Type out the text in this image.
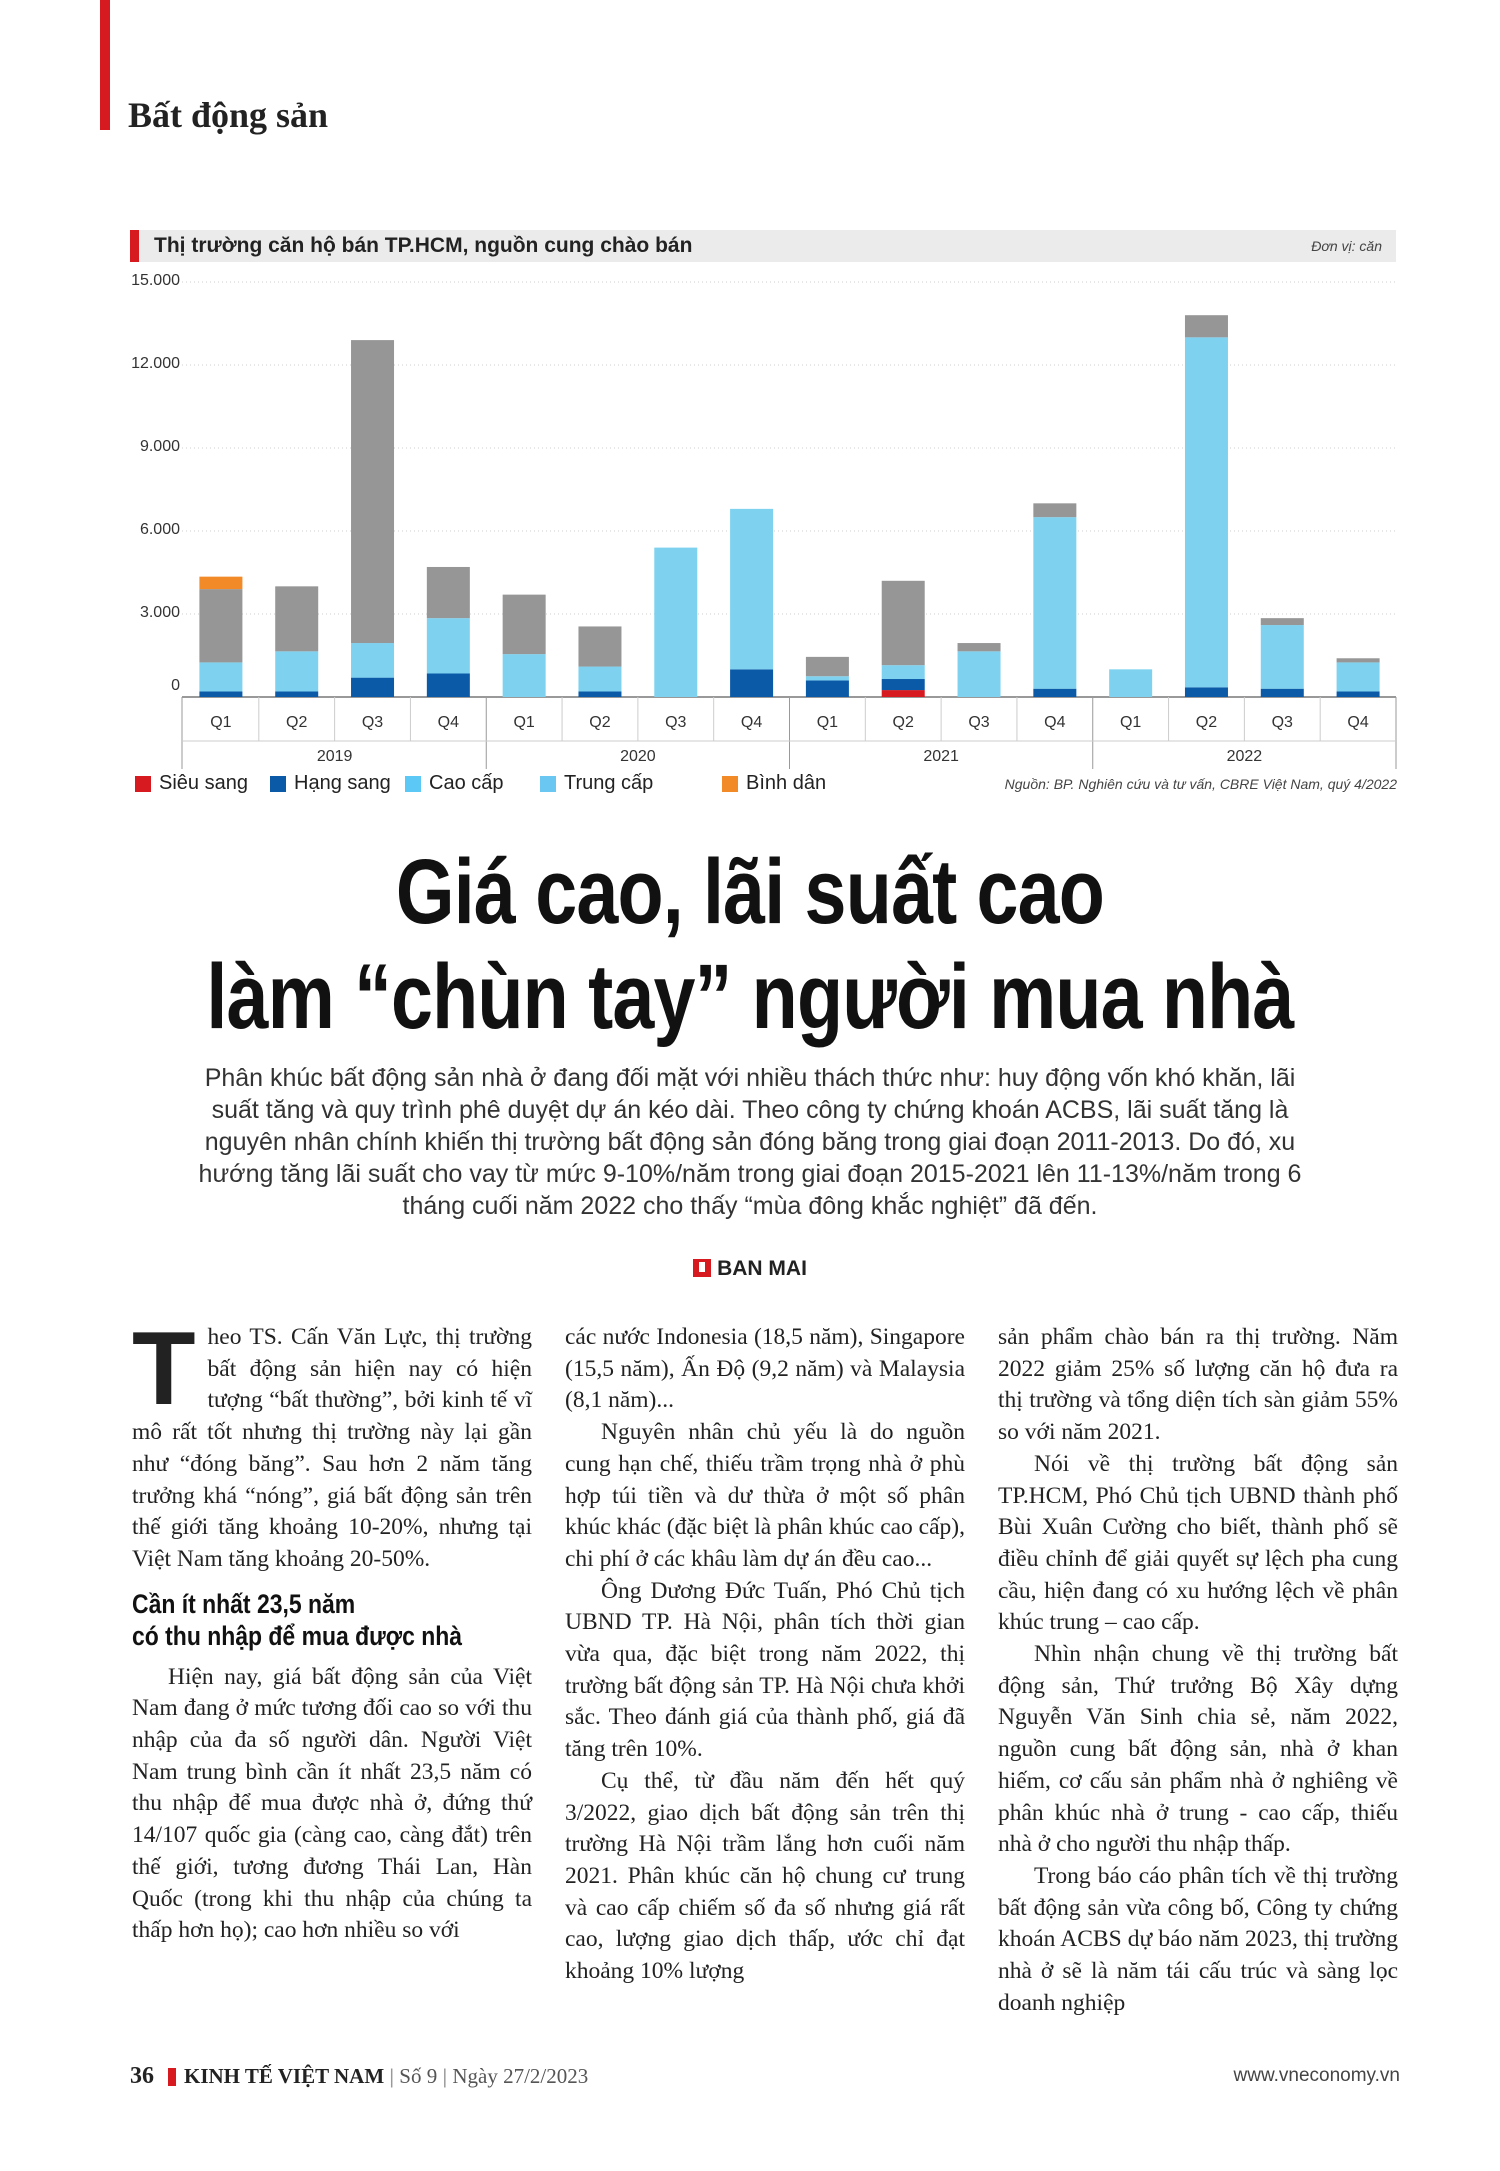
Bất động sản
Thị trường căn hộ bán TP.HCM, nguồn cung chào bán	Đơn vị: căn
0
3.000
6.000
9.000
12.000
15.000
Q1	Q2	Q3	Q4	Q1	Q2	Q3	Q4	Q1	Q2	Q3	Q4	Q1	Q2	Q3	Q4
2019	2020	2021	2022
Siêu sang Hạng sang Cao cấp	Trung cấp	Bình dân	Nguồn: BP. Nghiên cứu và tư vấn, CBRE Việt Nam, quý 4/2022
Giá cao, lãi suất cao
làm “chùn tay” người mua nhà
Phân khúc bất động sản nhà ở đang đối mặt với nhiều thách thức như: huy động vốn khó khăn, lãi suất tăng và quy trình phê duyệt dự án kéo dài. Theo công ty chứng khoán ACBS, lãi suất tăng là nguyên nhân chính khiến thị trường bất động sản đóng băng trong giai đoạn 2011-2013. Do đó, xu hướng tăng lãi suất cho vay từ mức 9-10%/năm trong giai đoạn 2015-2021 lên 11-13%/năm trong 6 tháng cuối năm 2022 cho thấy “mùa đông khắc nghiệt” đã đến.
BAN MAI
T heo TS. Cấn Văn Lực, thị trường bất động sản hiện nay có hiện tượng “bất thường”, bởi kinh tế vĩ mô rất tốt nhưng thị trường này lại gần như “đóng băng”. Sau hơn 2 năm tăng trưởng khá “nóng”, giá bất động sản trên thế giới tăng khoảng 10-20%, nhưng tại Việt Nam tăng khoảng 20-50%.

Cần ít nhất 23,5 năm
có thu nhập để mua được nhà

Hiện nay, giá bất động sản của Việt Nam đang ở mức tương đối cao so với thu nhập của đa số người dân. Người Việt Nam trung bình cần ít nhất 23,5 năm có thu nhập để mua được nhà ở, đứng thứ 14/107 quốc gia (càng cao, càng đắt) trên thế giới, tương đương Thái Lan, Hàn Quốc (trong khi thu nhập của chúng ta thấp hơn họ); cao hơn nhiều so với

các nước Indonesia (18,5 năm), Singapore (15,5 năm), Ấn Độ (9,2 năm) và Malaysia (8,1 năm)...

Nguyên nhân chủ yếu là do nguồn cung hạn chế, thiếu trầm trọng nhà ở phù hợp túi tiền và dư thừa ở một số phân khúc khác (đặc biệt là phân khúc cao cấp), chi phí ở các khâu làm dự án đều cao...

Ông Dương Đức Tuấn, Phó Chủ tịch UBND TP. Hà Nội, phân tích thời gian vừa qua, đặc biệt trong năm 2022, thị trường bất động sản TP. Hà Nội chưa khởi sắc. Theo đánh giá của thành phố, giá đã tăng trên 10%.

Cụ thể, từ đầu năm đến hết quý 3/2022, giao dịch bất động sản trên thị trường Hà Nội trầm lắng hơn cuối năm 2021. Phân khúc căn hộ chung cư trung và cao cấp chiếm số đa số nhưng giá rất cao, lượng giao dịch thấp, ước chỉ đạt khoảng 10% lượng

sản phẩm chào bán ra thị trường. Năm 2022 giảm 25% số lượng căn hộ đưa ra thị trường và tổng diện tích sàn giảm 55% so với năm 2021.

Nói về thị trường bất động sản TP.HCM, Phó Chủ tịch UBND thành phố Bùi Xuân Cường cho biết, thành phố sẽ điều chỉnh để giải quyết sự lệch pha cung cầu, hiện đang có xu hướng lệch về phân khúc trung – cao cấp.

Nhìn nhận chung về thị trường bất động sản, Thứ trưởng Bộ Xây dựng Nguyễn Văn Sinh chia sẻ, năm 2022, nguồn cung bất động sản, nhà ở khan hiếm, cơ cấu sản phẩm nhà ở nghiêng về phân khúc nhà ở trung - cao cấp, thiếu nhà ở cho người thu nhập thấp.

Trong báo cáo phân tích về thị trường bất động sản vừa công bố, Công ty chứng khoán ACBS dự báo năm 2023, thị trường nhà ở sẽ là năm tái cấu trúc và sàng lọc doanh nghiệp

36 KINH TẾ VIỆT NAM | Số 9 | Ngày 27/2/2023	www.vneconomy.vn
